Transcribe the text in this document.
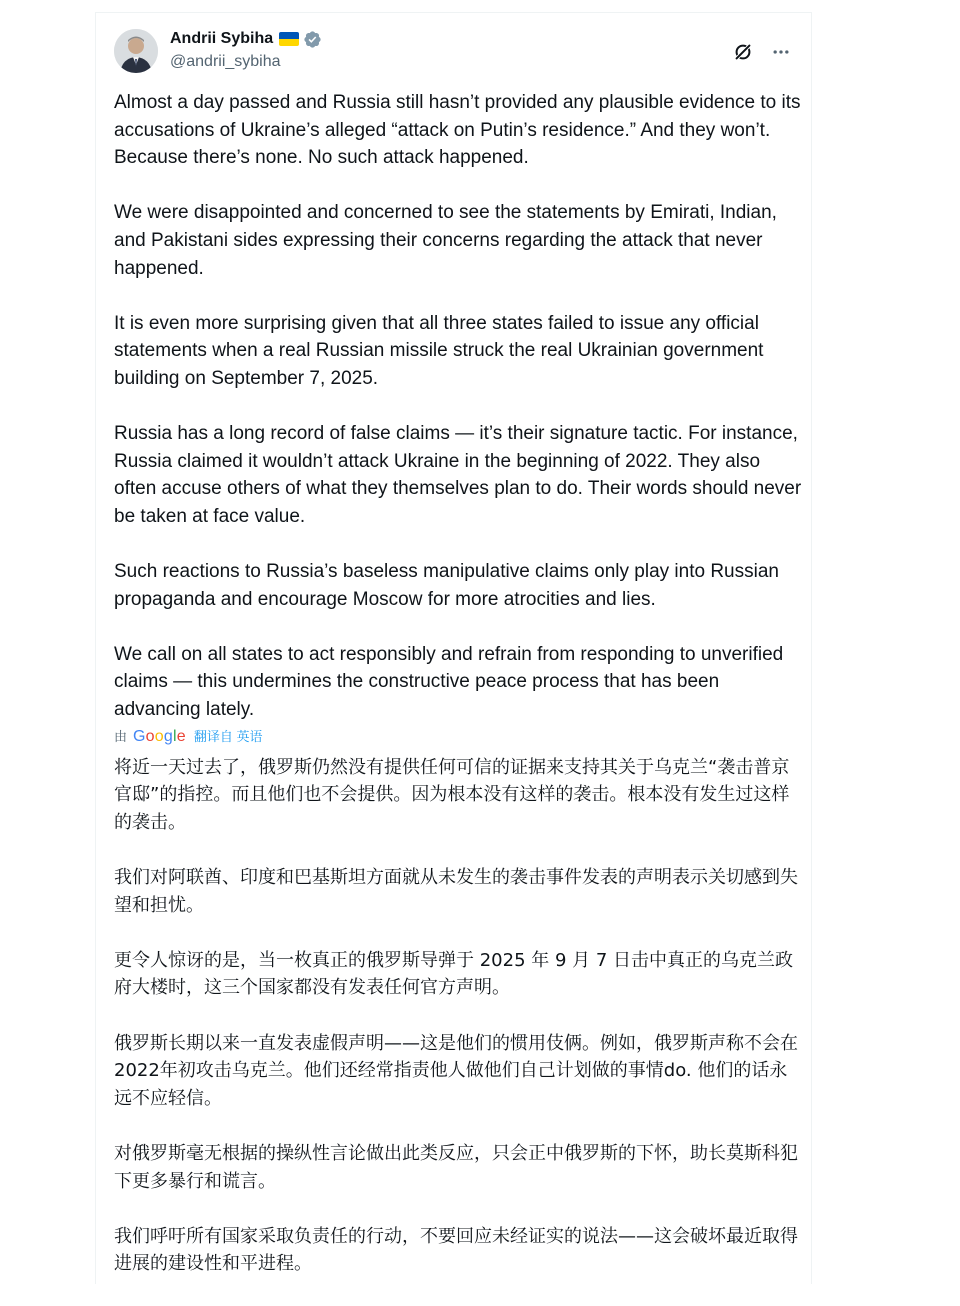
Andrii Sybiha
@andrii_sybiha

Almost a day passed and Russia still hasn’t provided any plausible evidence to its accusations of Ukraine’s alleged “attack on Putin’s residence.” And they won’t. Because there’s none. No such attack happened.

We were disappointed and concerned to see the statements by Emirati, Indian, and Pakistani sides expressing their concerns regarding the attack that never happened.

It is even more surprising given that all three states failed to issue any official statements when a real Russian missile struck the real Ukrainian government building on September 7, 2025.

Russia has a long record of false claims — it’s their signature tactic. For instance, Russia claimed it wouldn’t attack Ukraine in the beginning of 2022. They also often accuse others of what they themselves plan to do. Their words should never be taken at face value.

Such reactions to Russia’s baseless manipulative claims only play into Russian propaganda and encourage Moscow for more atrocities and lies.

We call on all states to act responsibly and refrain from responding to unverified claims — this undermines the constructive peace process that has been advancing lately.

由 Google 翻译自 英语

将近一天过去了，俄罗斯仍然没有提供任何可信的证据来支持其关于乌克兰“袭击普京官邸”的指控。而且他们也不会提供。因为根本没有这样的袭击。根本没有发生过这样的袭击。

我们对阿联酋、印度和巴基斯坦方面就从未发生的袭击事件发表的声明表示关切感到失望和担忧。

更令人惊讶的是，当一枚真正的俄罗斯导弹于 2025 年 9 月 7 日击中真正的乌克兰政府大楼时，这三个国家都没有发表任何官方声明。

俄罗斯长期以来一直发表虚假声明——这是他们的惯用伎俩。例如，俄罗斯声称不会在2022年初攻击乌克兰。他们还经常指责他人做他们自己计划做的事情do. 他们的话永远不应轻信。

对俄罗斯毫无根据的操纵性言论做出此类反应，只会正中俄罗斯的下怀，助长莫斯科犯下更多暴行和谎言。

我们呼吁所有国家采取负责任的行动，不要回应未经证实的说法——这会破坏最近取得进展的建设性和平进程。
